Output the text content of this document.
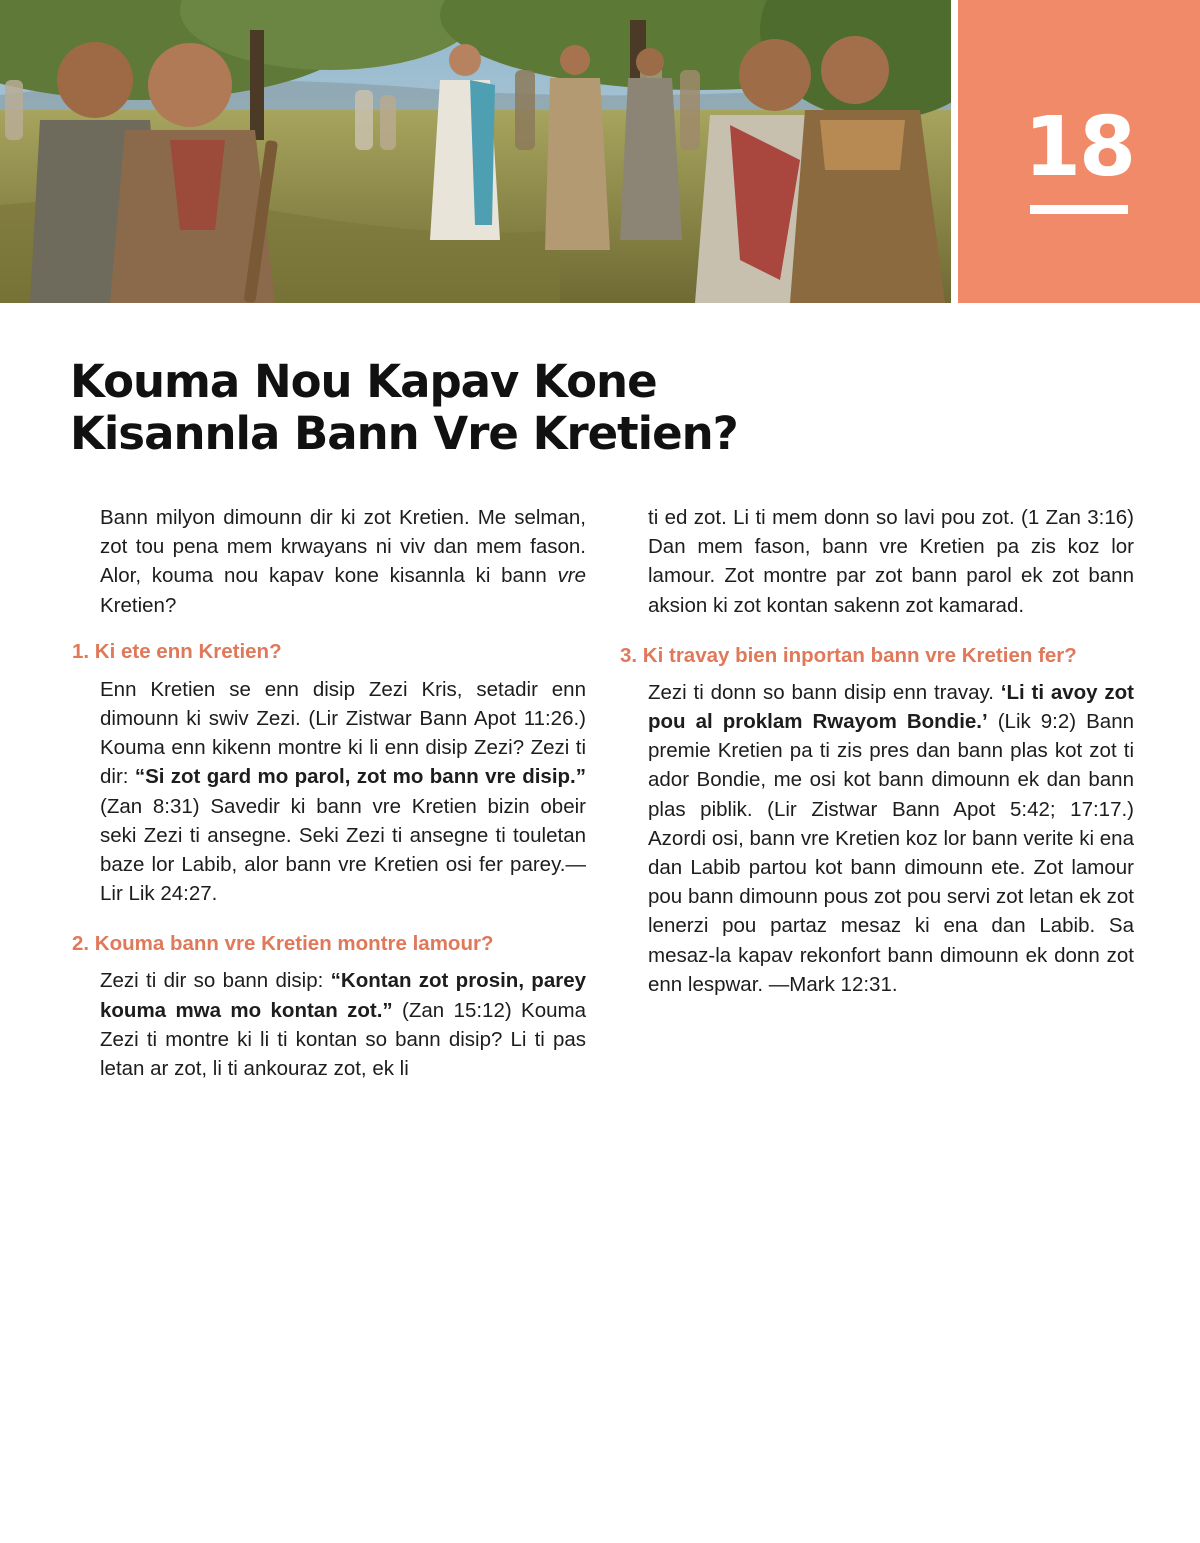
18
Kouma Nou Kapav Kone
Kisannla Bann Vre Kretien?

Bann milyon dimounn dir ki zot Kretien. Me selman, zot tou pena mem krwayans ni viv dan mem fason. Alor, kouma nou kapav kone kisannla ki bann vre Kretien?

1. Ki ete enn Kretien?

Enn Kretien se enn disip Zezi Kris, setadir enn dimounn ki swiv Zezi. (Lir Zistwar Bann Apot 11:26.) Kouma enn kikenn montre ki li enn disip Zezi? Zezi ti dir: “Si zot gard mo parol, zot mo bann vre disip.” (Zan 8:31) Savedir ki bann vre Kretien bizin obeir seki Zezi ti ansegne. Seki Zezi ti ansegne ti touletan baze lor Labib, alor bann vre Kretien osi fer parey.—Lir Lik 24:27.

2. Kouma bann vre Kretien montre lamour?

Zezi ti dir so bann disip: “Kontan zot prosin, parey kouma mwa mo kontan zot.” (Zan 15:12) Kouma Zezi ti montre ki li ti kontan so bann disip? Li ti pas letan ar zot, li ti ankouraz zot, ek li

ti ed zot. Li ti mem donn so lavi pou zot. (1 Zan 3:16) Dan mem fason, bann vre Kretien pa zis koz lor lamour. Zot montre par zot bann parol ek zot bann aksion ki zot kontan sakenn zot kamarad.

3. Ki travay bien inportan bann vre Kretien fer?

Zezi ti donn so bann disip enn travay. ‘Li ti avoy zot pou al proklam Rwayom Bondie.’ (Lik 9:2) Bann premie Kretien pa ti zis pres dan bann plas kot zot ti ador Bondie, me osi kot bann dimounn ek dan bann plas piblik. (Lir Zistwar Bann Apot 5:42; 17:17.) Azordi osi, bann vre Kretien koz lor bann verite ki ena dan Labib partou kot bann dimounn ete. Zot lamour pou bann dimounn pous zot pou servi zot letan ek zot lenerzi pou partaz mesaz ki ena dan Labib. Sa mesaz-la kapav rekonfort bann dimounn ek donn zot enn lespwar. —Mark 12:31.
